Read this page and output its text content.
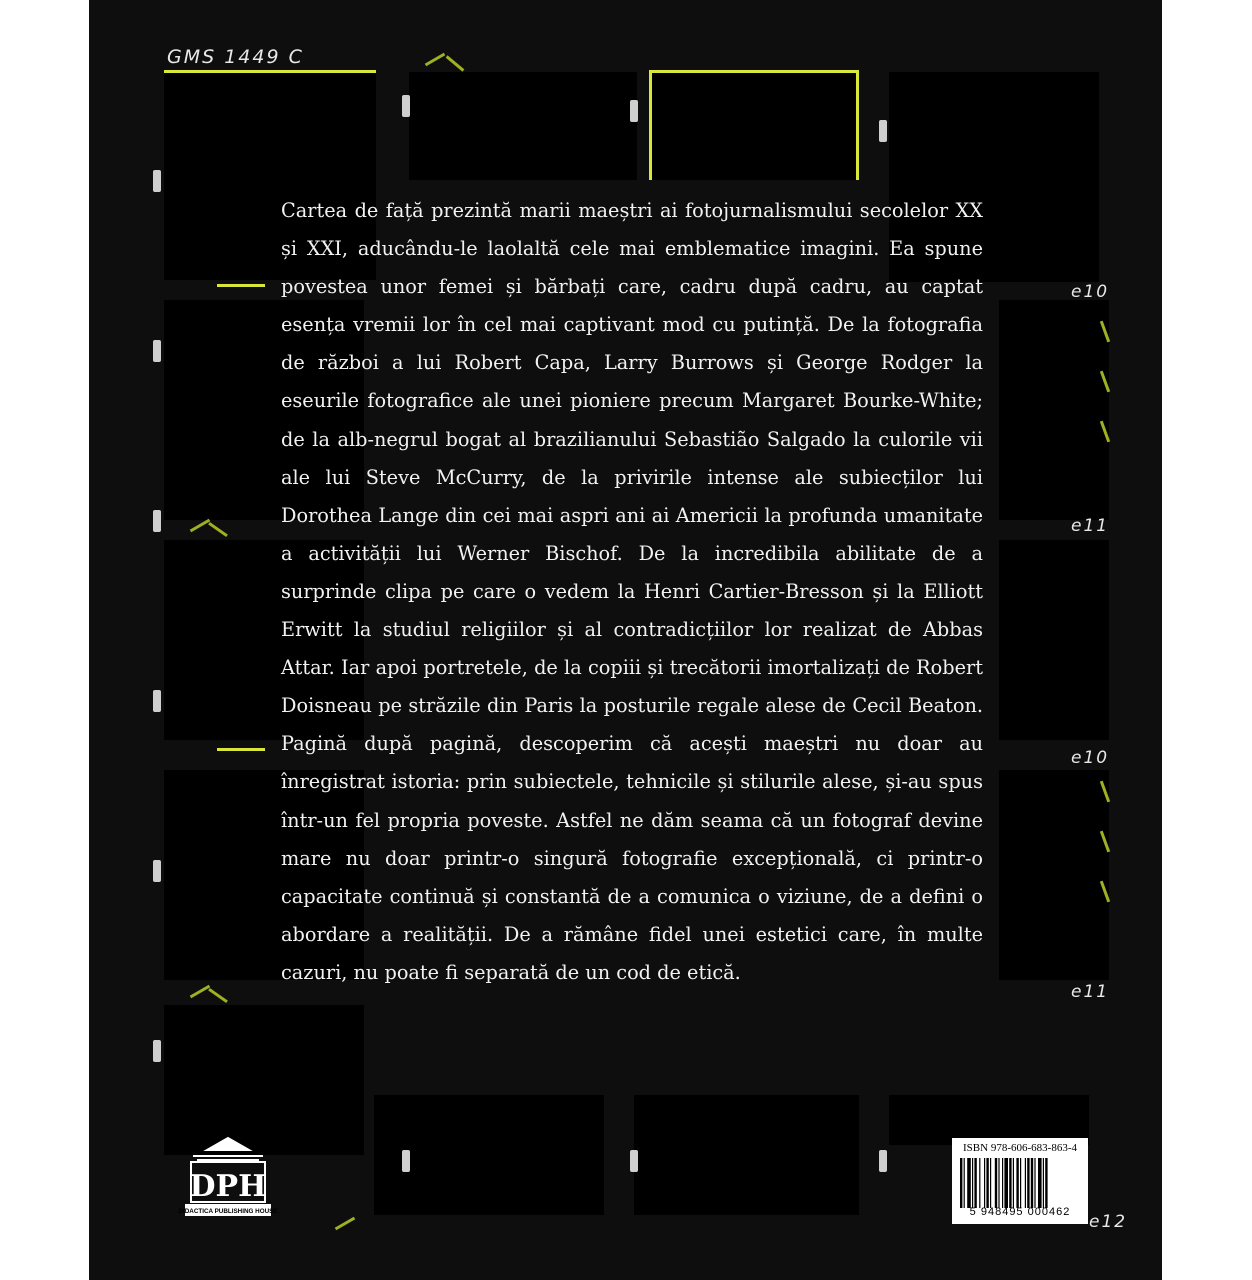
GMS 1449 C
e10
e11
e10
e11
e12
Cartea de față prezintă marii maeștri ai fotojurnalismului secolelor XX și XXI, aducându-le laolaltă cele mai emblematice imagini. Ea spune povestea unor femei și bărbați care, cadru după cadru, au captat esența vremii lor în cel mai captivant mod cu putință. De la fotografia de război a lui Robert Capa, Larry Burrows și George Rodger la eseurile fotografice ale unei pioniere precum Margaret Bourke-White; de la alb-negrul bogat al brazilianului Sebastião Salgado la culorile vii ale lui Steve McCurry, de la privirile intense ale subiecților lui Dorothea Lange din cei mai aspri ani ai Americii la profunda umanitate a activității lui Werner Bischof. De la incredibila abilitate de a surprinde clipa pe care o vedem la Henri Cartier-Bresson și la Elliott Erwitt la studiul religiilor și al contradicțiilor lor realizat de Abbas Attar. Iar apoi portretele, de la copiii și trecătorii imortalizați de Robert Doisneau pe străzile din Paris la posturile regale alese de Cecil Beaton. Pagină după pagină, descoperim că acești maeștri nu doar au înregistrat istoria: prin subiectele, tehnicile și stilurile alese, și-au spus într-un fel propria poveste. Astfel ne dăm seama că un fotograf devine mare nu doar printr-o singură fotografie excepțională, ci printr-o capacitate continuă și constantă de a comunica o viziune, de a defini o abordare a realității. De a rămâne fidel unei estetici care, în multe cazuri, nu poate fi separată de un cod de etică.
DPH
DIDACTICA PUBLISHING HOUSE
ISBN 978-606-683-863-4
5 948495 000462
